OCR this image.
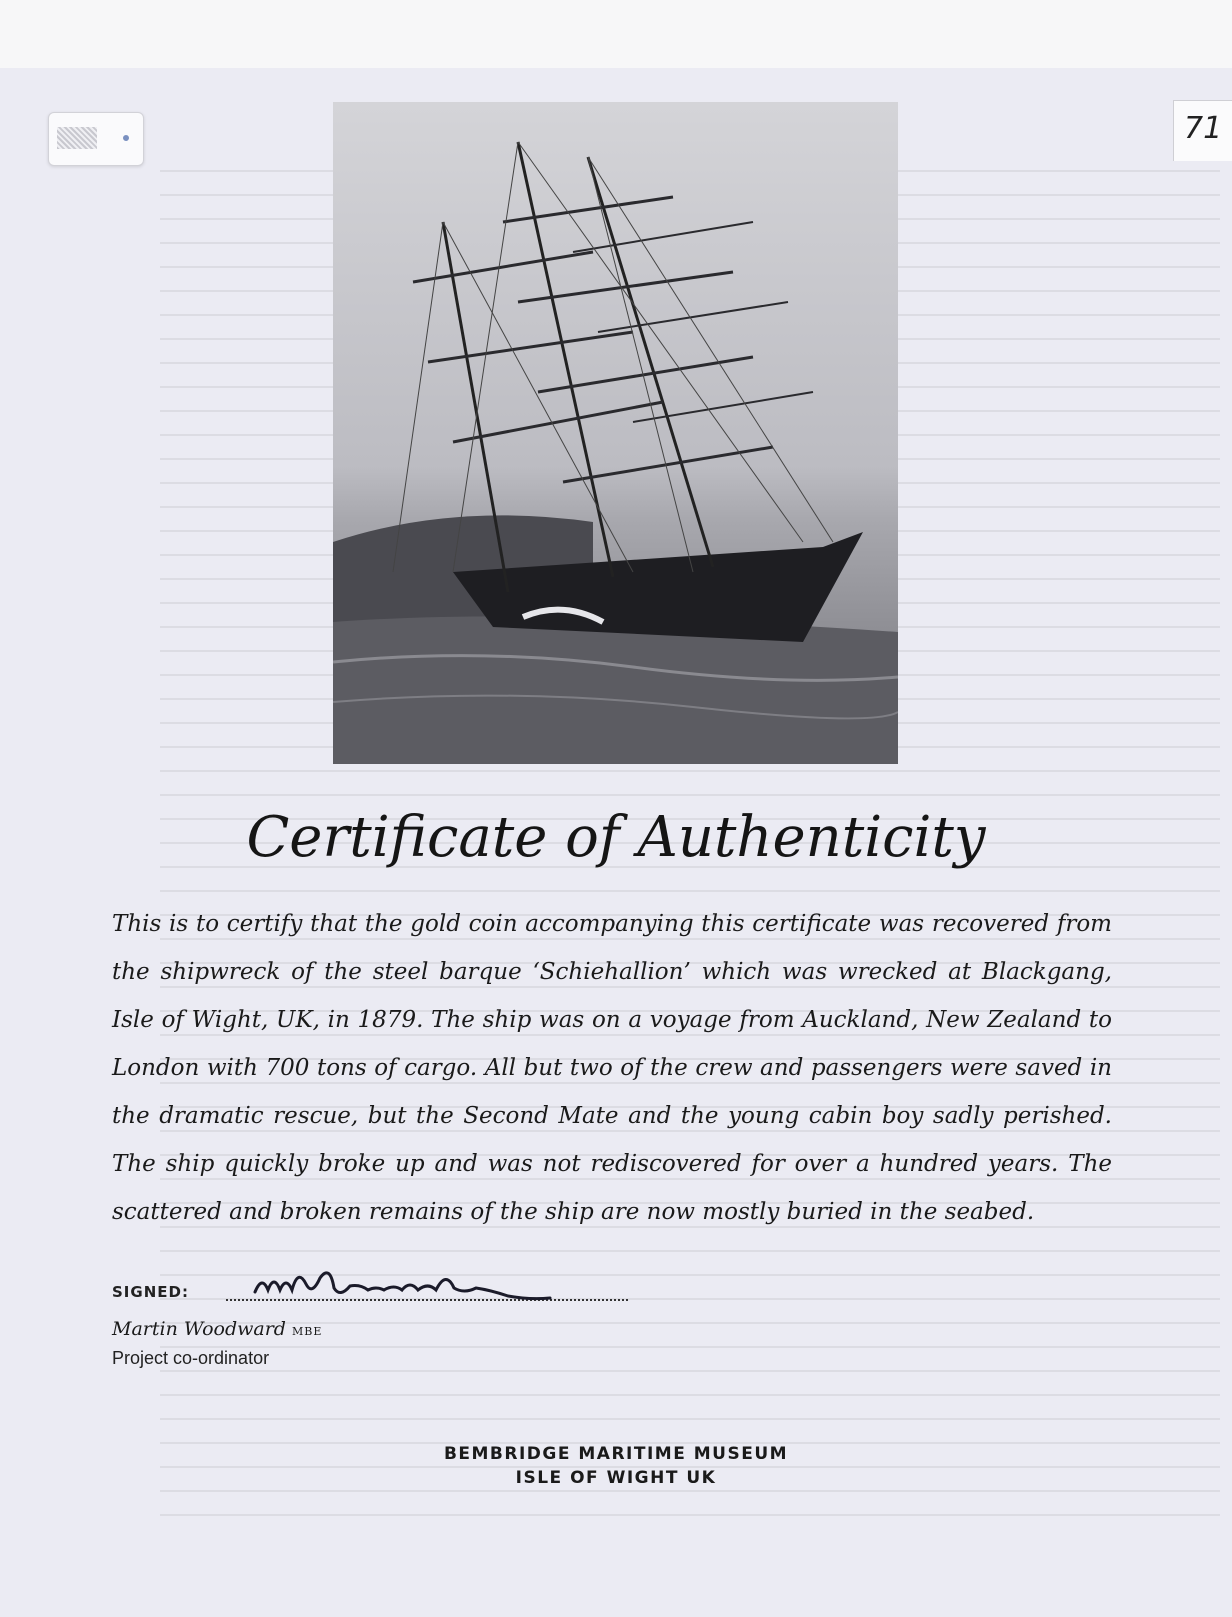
71
Certificate of Authenticity

This is to certify that the gold coin accompanying this certificate was recovered from the shipwreck of the steel barque ‘Schiehallion’ which was wrecked at Blackgang, Isle of Wight, UK, in 1879. The ship was on a voyage from Auckland, New Zealand to London with 700 tons of cargo. All but two of the crew and passengers were saved in the dramatic rescue, but the Second Mate and the young cabin boy sadly perished. The ship quickly broke up and was not rediscovered for over a hundred years. The scattered and broken remains of the ship are now mostly buried in the seabed.

SIGNED:
Martin Woodward MBE
Project co-ordinator
BEMBRIDGE MARITIME MUSEUM
ISLE OF WIGHT UK
